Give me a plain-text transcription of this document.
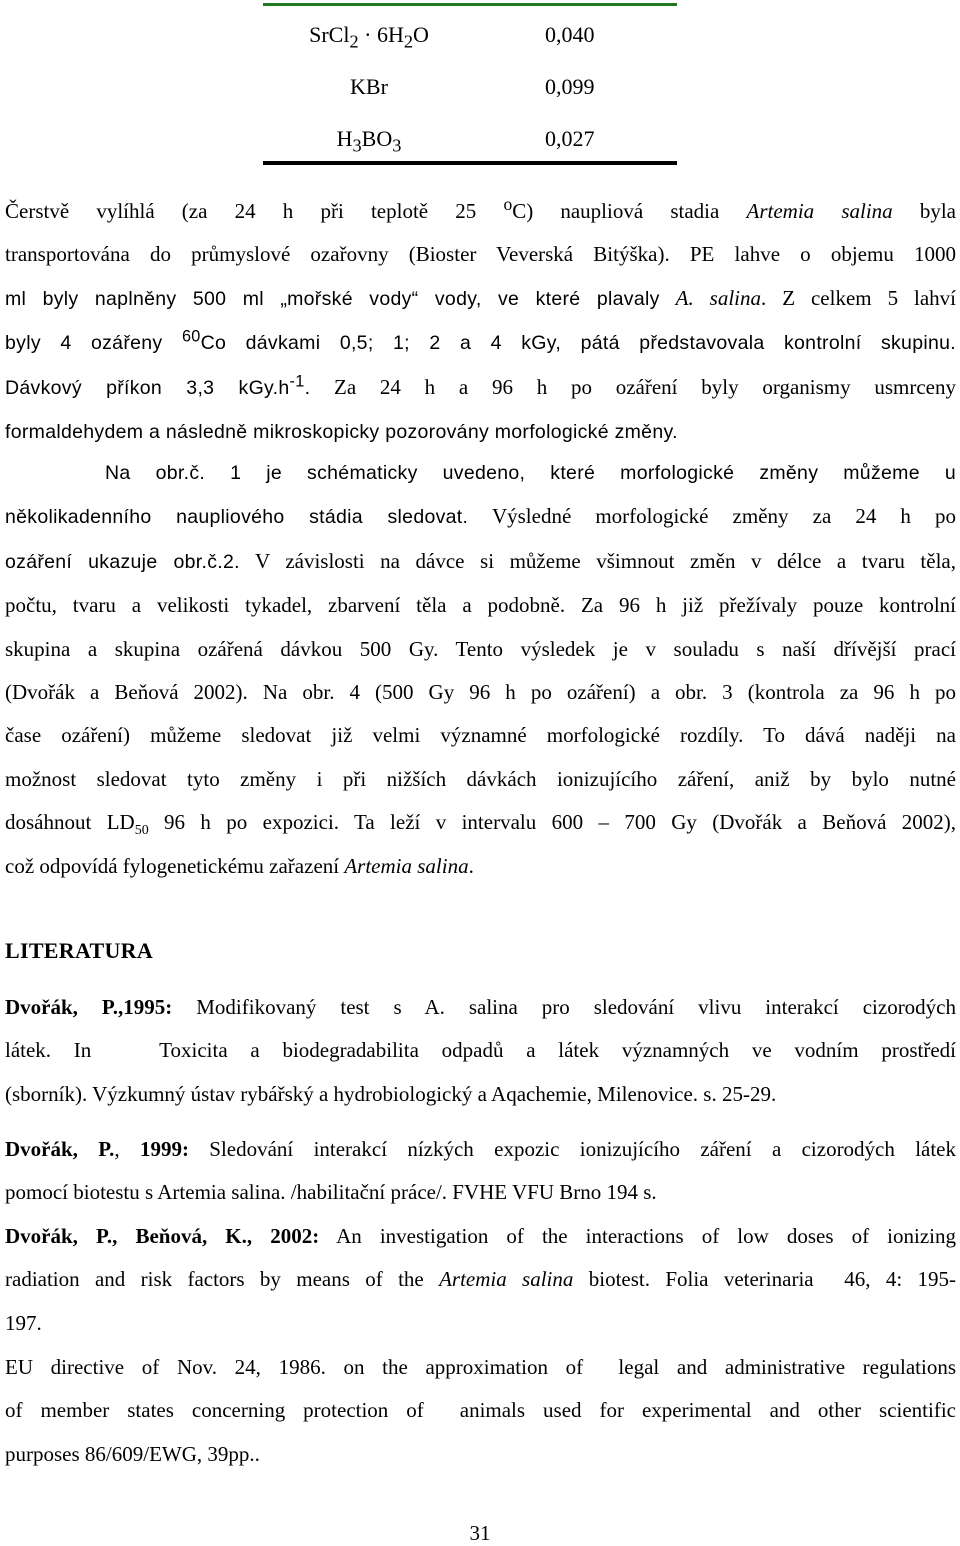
SrCl$_2$ · $6H_2O$	0,040
KBr	0,099
$H_3BO_3$	0,027
Čerstvě vylíhlá (za 24 h při teplotě 25 $^o$C) naupliová stadia Artemia salina byla
transportována do průmyslové ozařovny (Bioster Veverská Bitýška). PE lahve o objemu 1000
ml byly naplněny 500 ml „mořské vody“ vody, ve které plavaly A. salina. Z celkem 5 lahví
byly 4 ozářeny $^{60}$Co dávkami 0,5; 1; 2 a 4 kGy, pátá představovala kontrolní skupinu.
Dávkový příkon 3,3 $kGy.h^{-1}$. Za 24 h a 96 h po ozáření byly organismy usmrceny
formaldehydem a následně mikroskopicky pozorovány morfologické změny.
Na obr.č. 1 je schématicky uvedeno, které morfologické změny můžeme u
několikadenního naupliového stádia sledovat. Výsledné morfologické změny za 24 h po
ozáření ukazuje obr.č.2. V závislosti na dávce si můžeme všimnout změn v délce a tvaru těla,
počtu, tvaru a velikosti tykadel, zbarvení těla a podobně. Za 96 h již přežívaly pouze kontrolní
skupina a skupina ozářená dávkou 500 Gy. Tento výsledek je v souladu s naší dřívější prací
(Dvořák a Beňová 2002). Na obr. 4 (500 Gy 96 h po ozáření) a obr. 3 (kontrola za 96 h po
čase ozáření) můžeme sledovat již velmi významné morfologické rozdíly. To dává naději na
možnost sledovat tyto změny i při nižších dávkách ionizujícího záření, aniž by bylo nutné
dosáhnout $LD_{50}$ 96 h po expozici. Ta leží v intervalu 600 – 700 Gy (Dvořák a Beňová 2002),
což odpovídá fylogenetickému zařazení Artemia salina.
LITERATURA
Dvořák, P.,1995: Modifikovaný test s A. salina pro sledování vlivu interakcí cizorodých
látek. In   Toxicita a biodegradabilita odpadů a látek významných ve vodním prostředí
(sborník). Výzkumný ústav rybářský a hydrobiologický a Aqachemie, Milenovice. s. 25-29.
Dvořák, P., 1999: Sledování interakcí nízkých expozic ionizujícího záření a cizorodých látek
pomocí biotestu s Artemia salina. /habilitační práce/. FVHE VFU Brno 194 s.
Dvořák, P., Beňová, K., 2002: An investigation of the interactions of low doses of ionizing
radiation and risk factors by means of the Artemia salina biotest. Folia veterinaria  46, 4: 195-
197.
EU directive of Nov. 24, 1986. on the approximation of  legal and administrative regulations
of member states concerning protection of  animals used for experimental and other scientific
purposes 86/609/EWG, 39pp..
31
